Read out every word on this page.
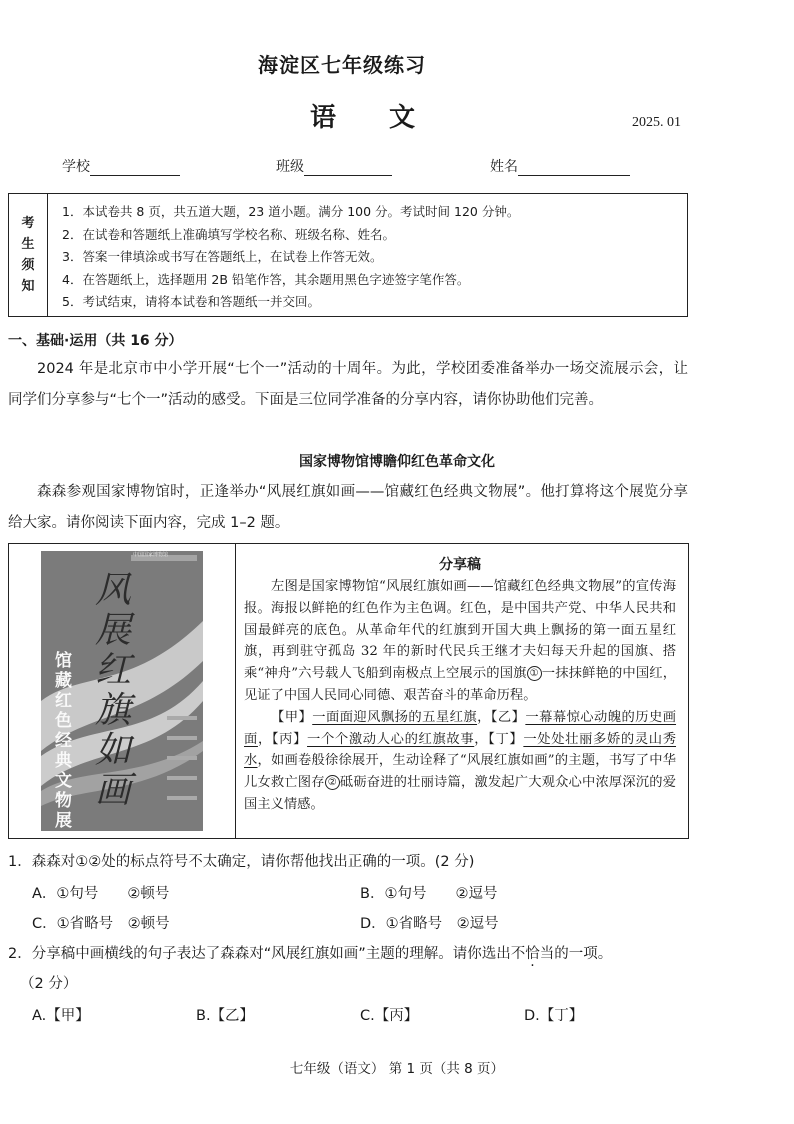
海淀区七年级练习
语 文	2025. 01
学校	班级	姓名
考
生
须
知
1．本试卷共 8 页，共五道大题，23 道小题。满分 100 分。考试时间 120 分钟。
2．在试卷和答题纸上准确填写学校名称、班级名称、姓名。
3．答案一律填涂或书写在答题纸上，在试卷上作答无效。
4．在答题纸上，选择题用 2B 铅笔作答，其余题用黑色字迹签字笔作答。
5．考试结束，请将本试卷和答题纸一并交回。
一、基础·运用（共 16 分）
2024 年是北京市中小学开展“七个一”活动的十周年。为此，学校团委准备举办一场交流展示会，让同学们分享参与“七个一”活动的感受。下面是三位同学准备的分享内容，请你协助他们完善。
国家博物馆博瞻仰红色革命文化
森森参观国家博物馆时，正逢举办“风展红旗如画——馆藏红色经典文物展”。他打算将这个展览分享给大家。请你阅读下面内容，完成 1–2 题。
中国国家博物馆
风展红旗如画
馆藏红色经典文物展
分享稿

左图是国家博物馆“风展红旗如画——馆藏红色经典文物展”的宣传海报。海报以鲜艳的红色作为主色调。红色，是中国共产党、中华人民共和国最鲜亮的底色。从革命年代的红旗到开国大典上飘扬的第一面五星红旗，再到驻守孤岛 32 年的新时代民兵王继才夫妇每天升起的国旗、搭乘“神舟”六号载人飞船到南极点上空展示的国旗 ① 一抹抹鲜艳的中国红，见证了中国人民同心同德、艰苦奋斗的革命历程。

【甲】一面面迎风飘扬的五星红旗，【乙】一幕幕惊心动魄的历史画面，【丙】一个个激动人心的红旗故事，【丁】一处处壮丽多娇的灵山秀水，如画卷般徐徐展开，生动诠释了“风展红旗如画”的主题，书写了中华儿女救亡图存 ② 砥砺奋进的壮丽诗篇，激发起广大观众心中浓厚深沉的爱国主义情感。

1．森森对①②处的标点符号不太确定，请你帮他找出正确的一项。(2 分)
A．①句号　　②顿号	B．①句号　　②逗号
C．①省略号　②顿号	D．①省略号　②逗号
2．分享稿中画横线的句子表达了森森对“风展红旗如画”主题的理解。请你选出不恰当的一项。
（2 分）
A.【甲】	B.【乙】	C.【丙】	D.【丁】
七年级（语文） 第 1 页（共 8 页）
